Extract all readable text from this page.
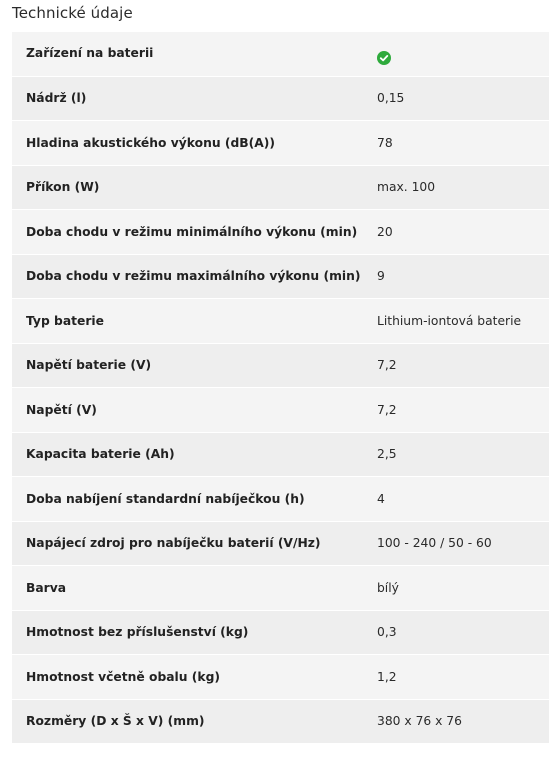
Technické údaje
Zařízení na baterii
Nádrž (l)	0,15
Hladina akustického výkonu (dB(A))	78
Příkon (W)	max. 100
Doba chodu v režimu minimálního výkonu (min)	20
Doba chodu v režimu maximálního výkonu (min)	9
Typ baterie	Lithium-iontová baterie
Napětí baterie (V)	7,2
Napětí (V)	7,2
Kapacita baterie (Ah)	2,5
Doba nabíjení standardní nabíječkou (h)	4
Napájecí zdroj pro nabíječku baterií (V/Hz)	100 - 240 / 50 - 60
Barva	bílý
Hmotnost bez příslušenství (kg)	0,3
Hmotnost včetně obalu (kg)	1,2
Rozměry (D x Š x V) (mm)	380 x 76 x 76
